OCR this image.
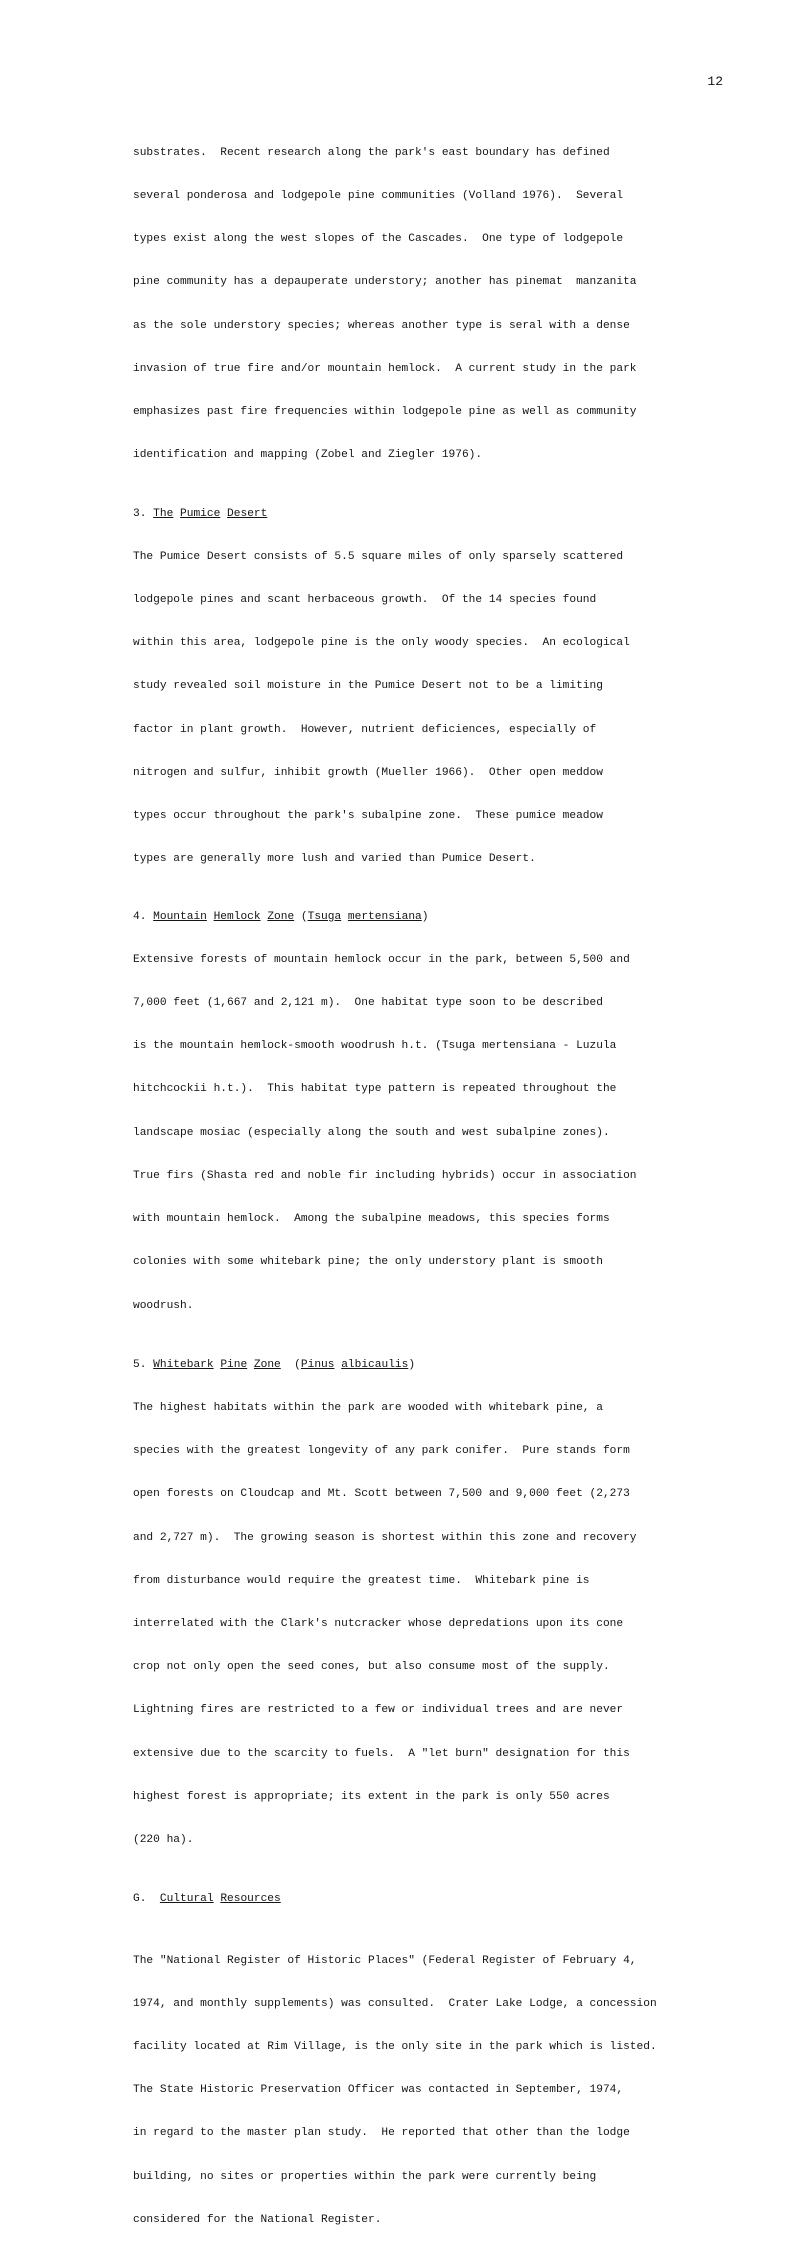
12

substrates.  Recent research along the park's east boundary has defined

several ponderosa and lodgepole pine communities (Volland 1976).  Several

types exist along the west slopes of the Cascades.  One type of lodgepole

pine community has a depauperate understory; another has pinemat  manzanita

as the sole understory species; whereas another type is seral with a dense

invasion of true fire and/or mountain hemlock.  A current study in the park

emphasizes past fire frequencies within lodgepole pine as well as community

identification and mapping (Zobel and Ziegler 1976).

3. The Pumice Desert

The Pumice Desert consists of 5.5 square miles of only sparsely scattered

lodgepole pines and scant herbaceous growth.  Of the 14 species found

within this area, lodgepole pine is the only woody species.  An ecological

study revealed soil moisture in the Pumice Desert not to be a limiting

factor in plant growth.  However, nutrient deficiences, especially of

nitrogen and sulfur, inhibit growth (Mueller 1966).  Other open meddow

types occur throughout the park's subalpine zone.  These pumice meadow

types are generally more lush and varied than Pumice Desert.

4. Mountain Hemlock Zone (Tsuga mertensiana)

Extensive forests of mountain hemlock occur in the park, between 5,500 and

7,000 feet (1,667 and 2,121 m).  One habitat type soon to be described

is the mountain hemlock-smooth woodrush h.t. (Tsuga mertensiana - Luzula

hitchcockii h.t.).  This habitat type pattern is repeated throughout the

landscape mosiac (especially along the south and west subalpine zones).

True firs (Shasta red and noble fir including hybrids) occur in association

with mountain hemlock.  Among the subalpine meadows, this species forms

colonies with some whitebark pine; the only understory plant is smooth

woodrush.

5. Whitebark Pine Zone  (Pinus albicaulis)

The highest habitats within the park are wooded with whitebark pine, a

species with the greatest longevity of any park conifer.  Pure stands form

open forests on Cloudcap and Mt. Scott between 7,500 and 9,000 feet (2,273

and 2,727 m).  The growing season is shortest within this zone and recovery

from disturbance would require the greatest time.  Whitebark pine is

interrelated with the Clark's nutcracker whose depredations upon its cone

crop not only open the seed cones, but also consume most of the supply.

Lightning fires are restricted to a few or individual trees and are never

extensive due to the scarcity to fuels.  A "let burn" designation for this

highest forest is appropriate; its extent in the park is only 550 acres

(220 ha).

G. Cultural Resources

The "National Register of Historic Places" (Federal Register of February 4,

1974, and monthly supplements) was consulted.  Crater Lake Lodge, a concession

facility located at Rim Village, is the only site in the park which is listed.

The State Historic Preservation Officer was contacted in September, 1974,

in regard to the master plan study.  He reported that other than the lodge

building, no sites or properties within the park were currently being

considered for the National Register.
